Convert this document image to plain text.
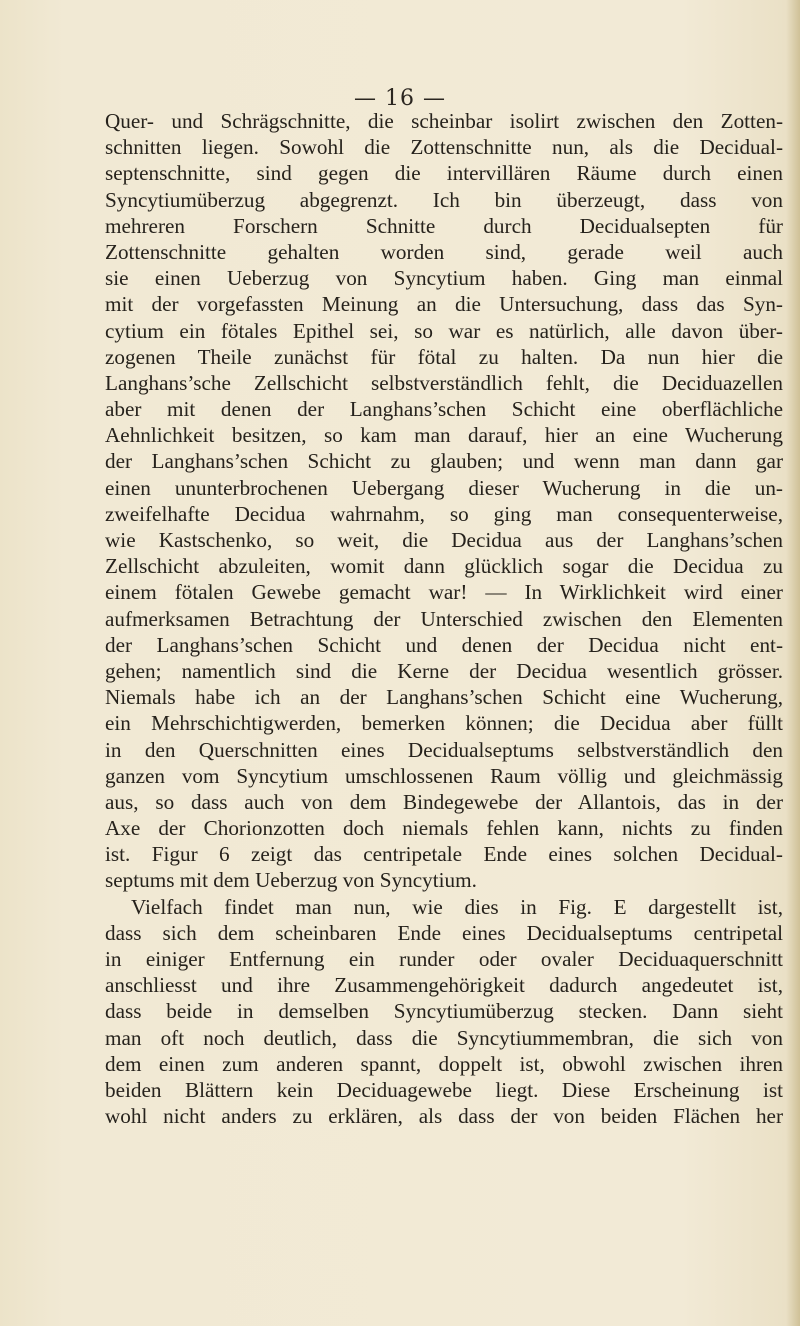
— 16 —
Quer- und Schrägschnitte, die scheinbar isolirt zwischen den Zotten-
schnitten liegen. Sowohl die Zottenschnitte nun, als die Decidual-
septenschnitte, sind gegen die intervillären Räume durch einen
Syncytiumüberzug abgegrenzt. Ich bin überzeugt, dass von
mehreren Forschern Schnitte durch Decidualsepten für
Zottenschnitte gehalten worden sind, gerade weil auch
sie einen Ueberzug von Syncytium haben. Ging man einmal
mit der vorgefassten Meinung an die Untersuchung, dass das Syn-
cytium ein fötales Epithel sei, so war es natürlich, alle davon über-
zogenen Theile zunächst für fötal zu halten. Da nun hier die
Langhans’sche Zellschicht selbstverständlich fehlt, die Deciduazellen
aber mit denen der Langhans’schen Schicht eine oberflächliche
Aehnlichkeit besitzen, so kam man darauf, hier an eine Wucherung
der Langhans’schen Schicht zu glauben; und wenn man dann gar
einen ununterbrochenen Uebergang dieser Wucherung in die un-
zweifelhafte Decidua wahrnahm, so ging man consequenterweise,
wie Kastschenko, so weit, die Decidua aus der Langhans’schen
Zellschicht abzuleiten, womit dann glücklich sogar die Decidua zu
einem fötalen Gewebe gemacht war! — In Wirklichkeit wird einer
aufmerksamen Betrachtung der Unterschied zwischen den Elementen
der Langhans’schen Schicht und denen der Decidua nicht ent-
gehen; namentlich sind die Kerne der Decidua wesentlich grösser.
Niemals habe ich an der Langhans’schen Schicht eine Wucherung,
ein Mehrschichtigwerden, bemerken können; die Decidua aber füllt
in den Querschnitten eines Decidualseptums selbstverständlich den
ganzen vom Syncytium umschlossenen Raum völlig und gleichmässig
aus, so dass auch von dem Bindegewebe der Allantois, das in der
Axe der Chorionzotten doch niemals fehlen kann, nichts zu finden
ist. Figur 6 zeigt das centripetale Ende eines solchen Decidual-
septums mit dem Ueberzug von Syncytium.
Vielfach findet man nun, wie dies in Fig. E dargestellt ist,
dass sich dem scheinbaren Ende eines Decidualseptums centripetal
in einiger Entfernung ein runder oder ovaler Deciduaquerschnitt
anschliesst und ihre Zusammengehörigkeit dadurch angedeutet ist,
dass beide in demselben Syncytiumüberzug stecken. Dann sieht
man oft noch deutlich, dass die Syncytiummembran, die sich von
dem einen zum anderen spannt, doppelt ist, obwohl zwischen ihren
beiden Blättern kein Deciduagewebe liegt. Diese Erscheinung ist
wohl nicht anders zu erklären, als dass der von beiden Flächen her
